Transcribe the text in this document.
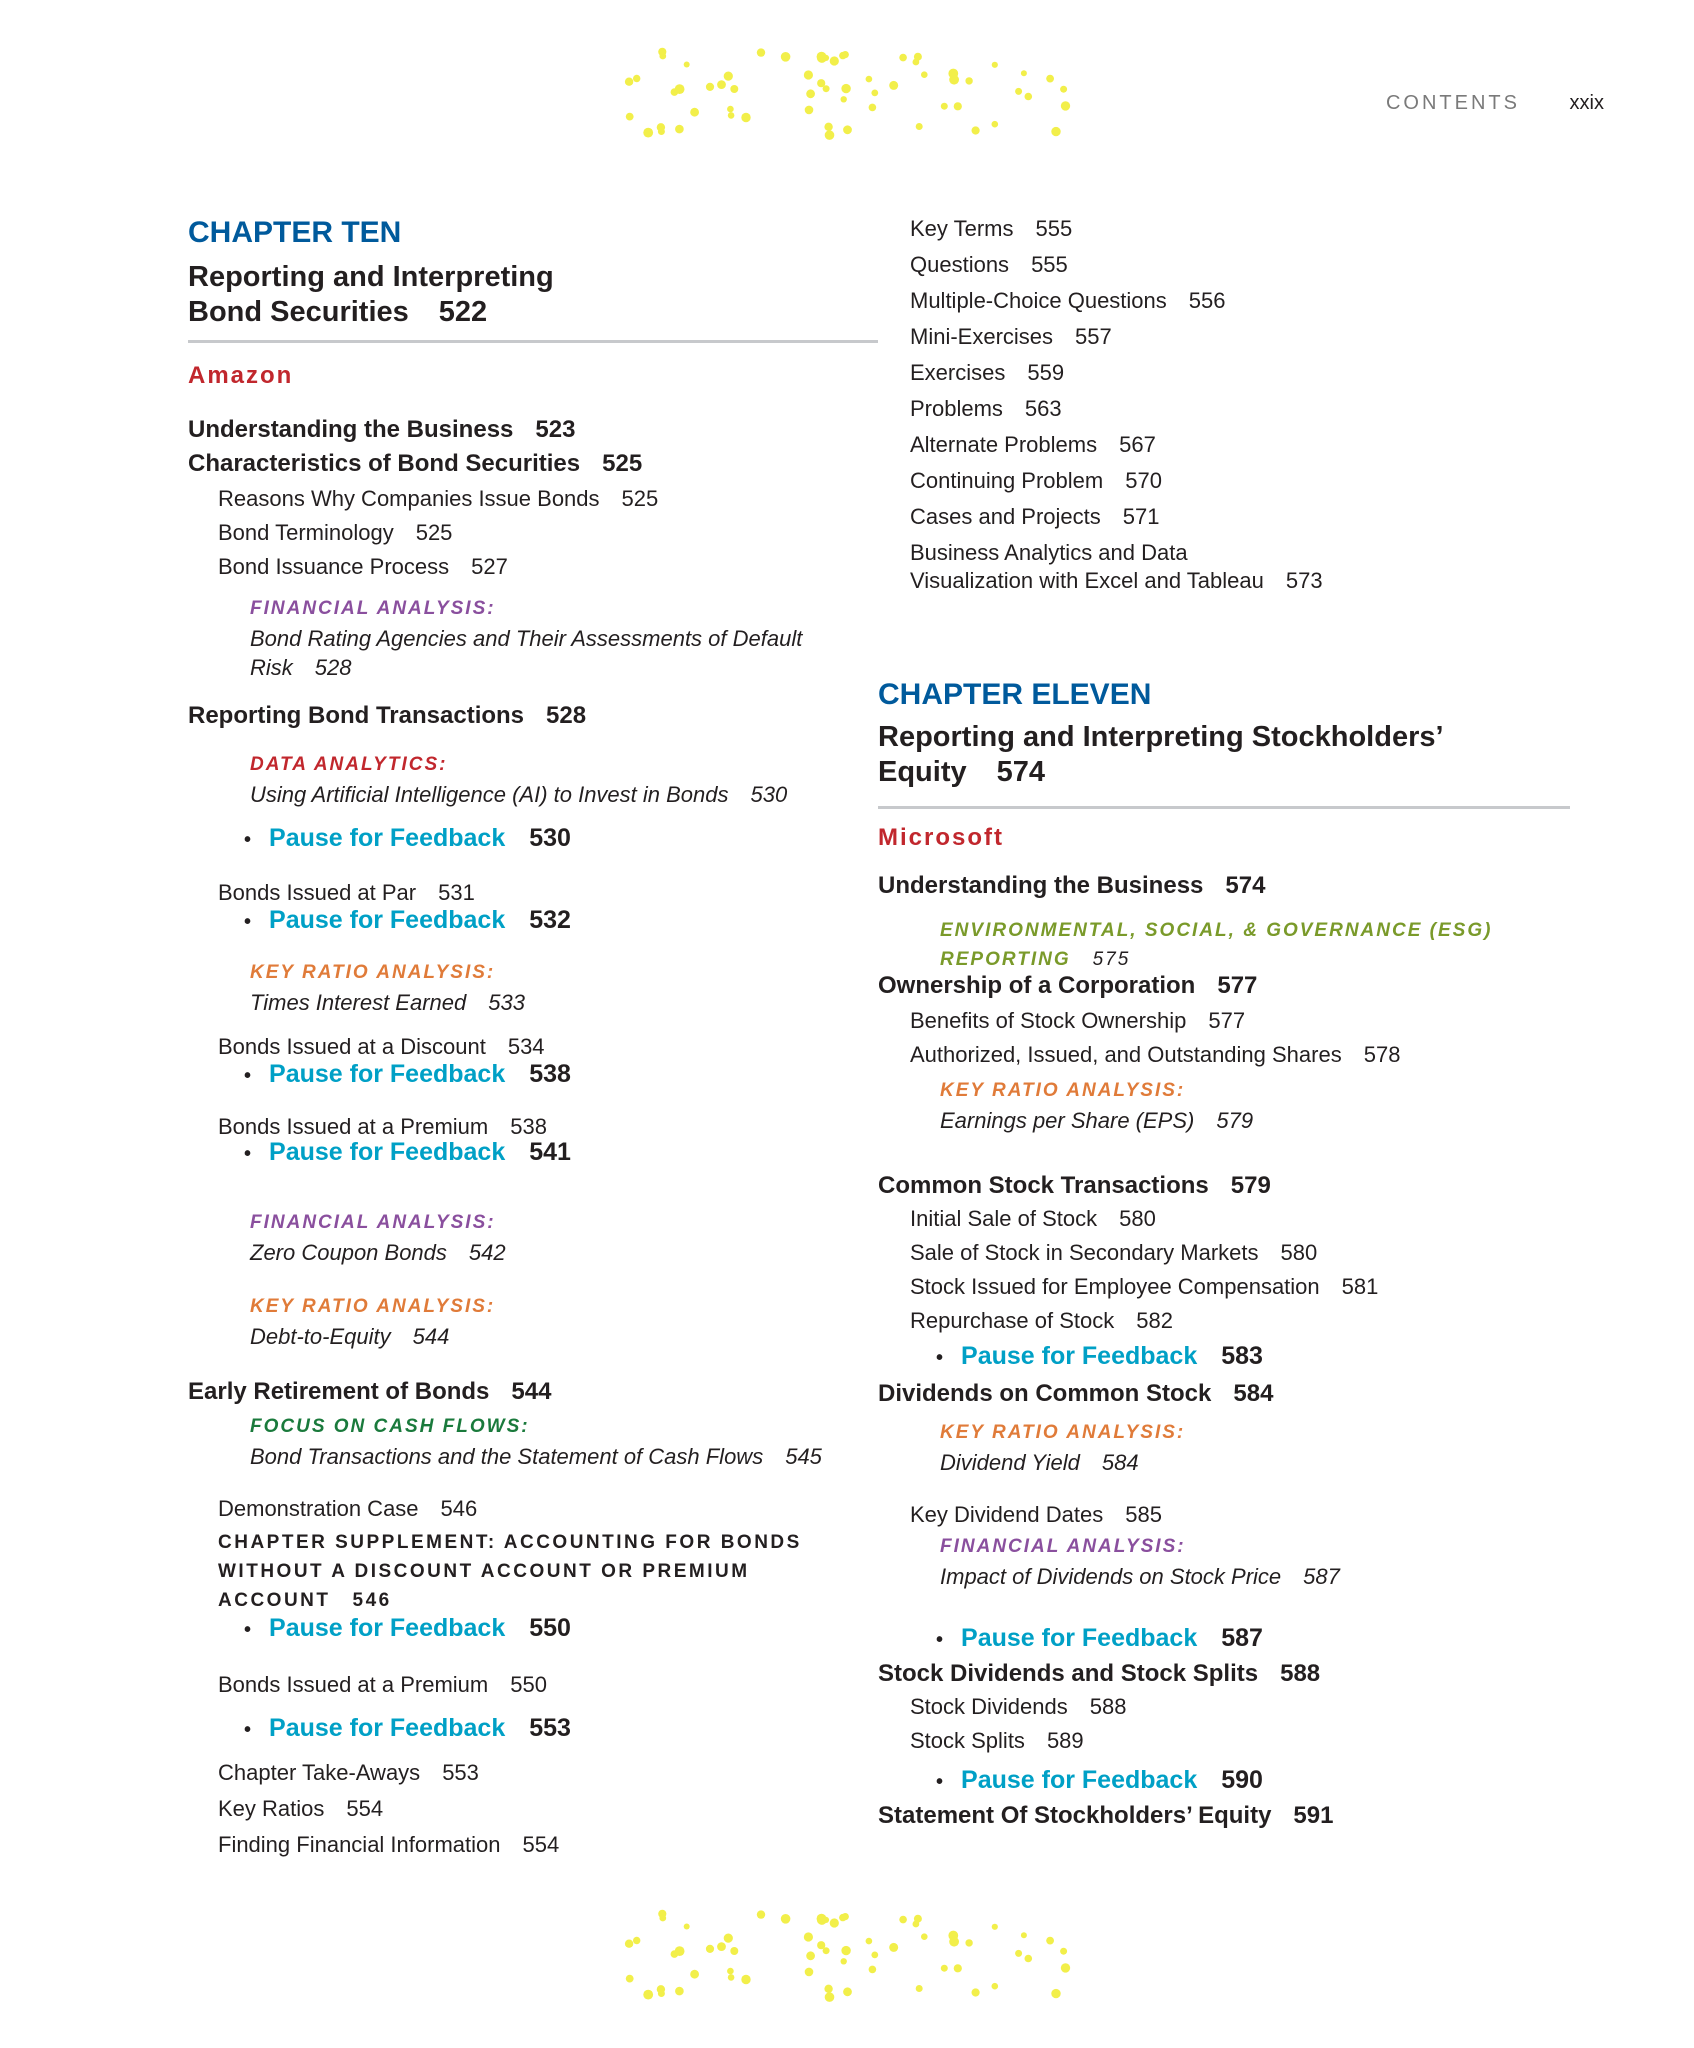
CONTENTS xxix
CHAPTER TEN
Reporting and Interpreting Bond Securities 522
Amazon
Understanding the Business 523
Characteristics of Bond Securities 525
Reasons Why Companies Issue Bonds 525
Bond Terminology 525
Bond Issuance Process 527
FINANCIAL ANALYSIS:
Bond Rating Agencies and Their Assessments of Default Risk 528
Reporting Bond Transactions 528
DATA ANALYTICS:
Using Artificial Intelligence (AI) to Invest in Bonds 530
• Pause for Feedback 530
Bonds Issued at Par 531
• Pause for Feedback 532
KEY RATIO ANALYSIS:
Times Interest Earned 533
Bonds Issued at a Discount 534
• Pause for Feedback 538
Bonds Issued at a Premium 538
• Pause for Feedback 541
FINANCIAL ANALYSIS:
Zero Coupon Bonds 542
KEY RATIO ANALYSIS:
Debt-to-Equity 544
Early Retirement of Bonds 544
FOCUS ON CASH FLOWS:
Bond Transactions and the Statement of Cash Flows 545
Demonstration Case 546
CHAPTER SUPPLEMENT: ACCOUNTING FOR BONDS WITHOUT A DISCOUNT ACCOUNT OR PREMIUM ACCOUNT 546
• Pause for Feedback 550
Bonds Issued at a Premium 550
• Pause for Feedback 553
Chapter Take-Aways 553
Key Ratios 554
Finding Financial Information 554
Key Terms 555
Questions 555
Multiple-Choice Questions 556
Mini-Exercises 557
Exercises 559
Problems 563
Alternate Problems 567
Continuing Problem 570
Cases and Projects 571
Business Analytics and Data
Visualization with Excel and Tableau 573
CHAPTER ELEVEN
Reporting and Interpreting Stockholders’ Equity 574
Microsoft
Understanding the Business 574
ENVIRONMENTAL, SOCIAL, & GOVERNANCE (ESG) REPORTING 575
Ownership of a Corporation 577
Benefits of Stock Ownership 577
Authorized, Issued, and Outstanding Shares 578
KEY RATIO ANALYSIS:
Earnings per Share (EPS) 579
Common Stock Transactions 579
Initial Sale of Stock 580
Sale of Stock in Secondary Markets 580
Stock Issued for Employee Compensation 581
Repurchase of Stock 582
• Pause for Feedback 583
Dividends on Common Stock 584
KEY RATIO ANALYSIS:
Dividend Yield 584
Key Dividend Dates 585
FINANCIAL ANALYSIS:
Impact of Dividends on Stock Price 587
• Pause for Feedback 587
Stock Dividends and Stock Splits 588
Stock Dividends 588
Stock Splits 589
• Pause for Feedback 590
Statement Of Stockholders’ Equity 591
